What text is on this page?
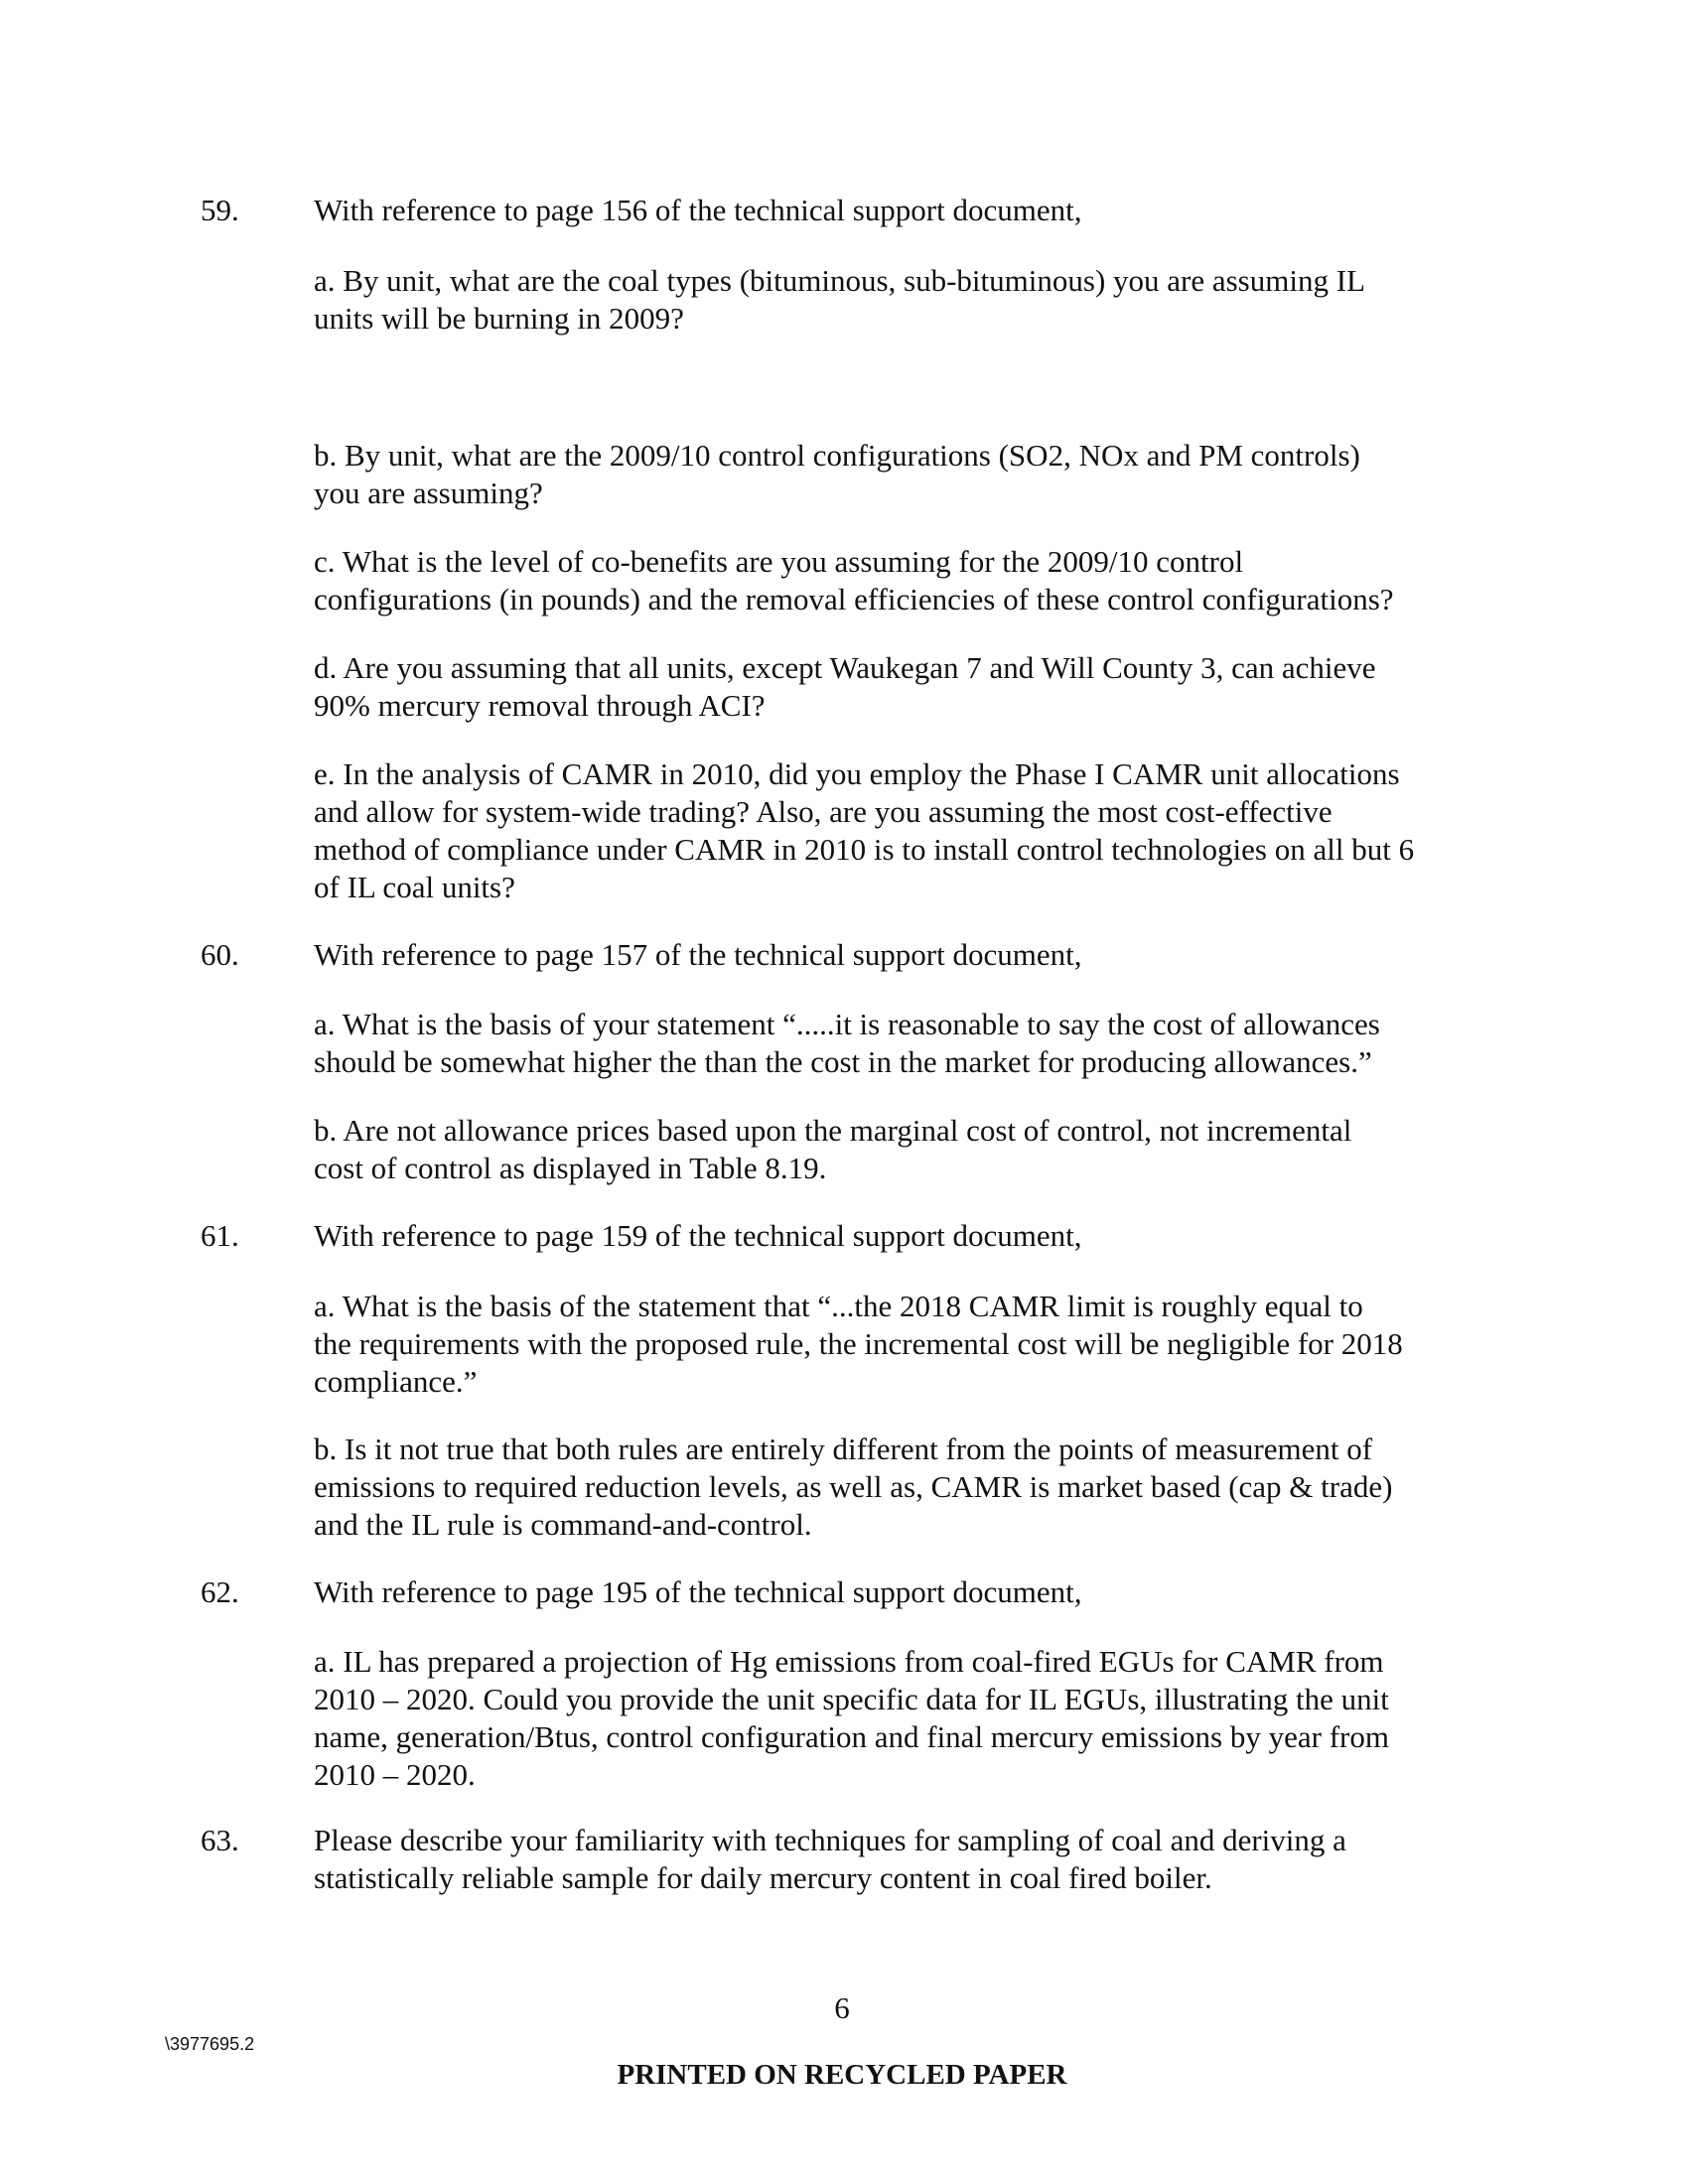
59. With reference to page 156 of the technical support document,
a. By unit, what are the coal types (bituminous, sub-bituminous) you are assuming IL
units will be burning in 2009?
b. By unit, what are the 2009/10 control configurations (SO2, NOx and PM controls)
you are assuming?
c. What is the level of co-benefits are you assuming for the 2009/10 control
configurations (in pounds) and the removal efficiencies of these control configurations?
d. Are you assuming that all units, except Waukegan 7 and Will County 3, can achieve
90% mercury removal through ACI?
e. In the analysis of CAMR in 2010, did you employ the Phase I CAMR unit allocations
and allow for system-wide trading? Also, are you assuming the most cost-effective
method of compliance under CAMR in 2010 is to install control technologies on all but 6
of IL coal units?
60. With reference to page 157 of the technical support document,
a. What is the basis of your statement “.....it is reasonable to say the cost of allowances
should be somewhat higher the than the cost in the market for producing allowances.”
b. Are not allowance prices based upon the marginal cost of control, not incremental
cost of control as displayed in Table 8.19.
61. With reference to page 159 of the technical support document,
a. What is the basis of the statement that “...the 2018 CAMR limit is roughly equal to
the requirements with the proposed rule, the incremental cost will be negligible for 2018
compliance.”
b. Is it not true that both rules are entirely different from the points of measurement of
emissions to required reduction levels, as well as, CAMR is market based (cap & trade)
and the IL rule is command-and-control.
62. With reference to page 195 of the technical support document,
a. IL has prepared a projection of Hg emissions from coal-fired EGUs for CAMR from
2010 – 2020. Could you provide the unit specific data for IL EGUs, illustrating the unit
name, generation/Btus, control configuration and final mercury emissions by year from
2010 – 2020.
63. Please describe your familiarity with techniques for sampling of coal and deriving a
statistically reliable sample for daily mercury content in coal fired boiler.
6
\3977695.2
PRINTED ON RECYCLED PAPER
